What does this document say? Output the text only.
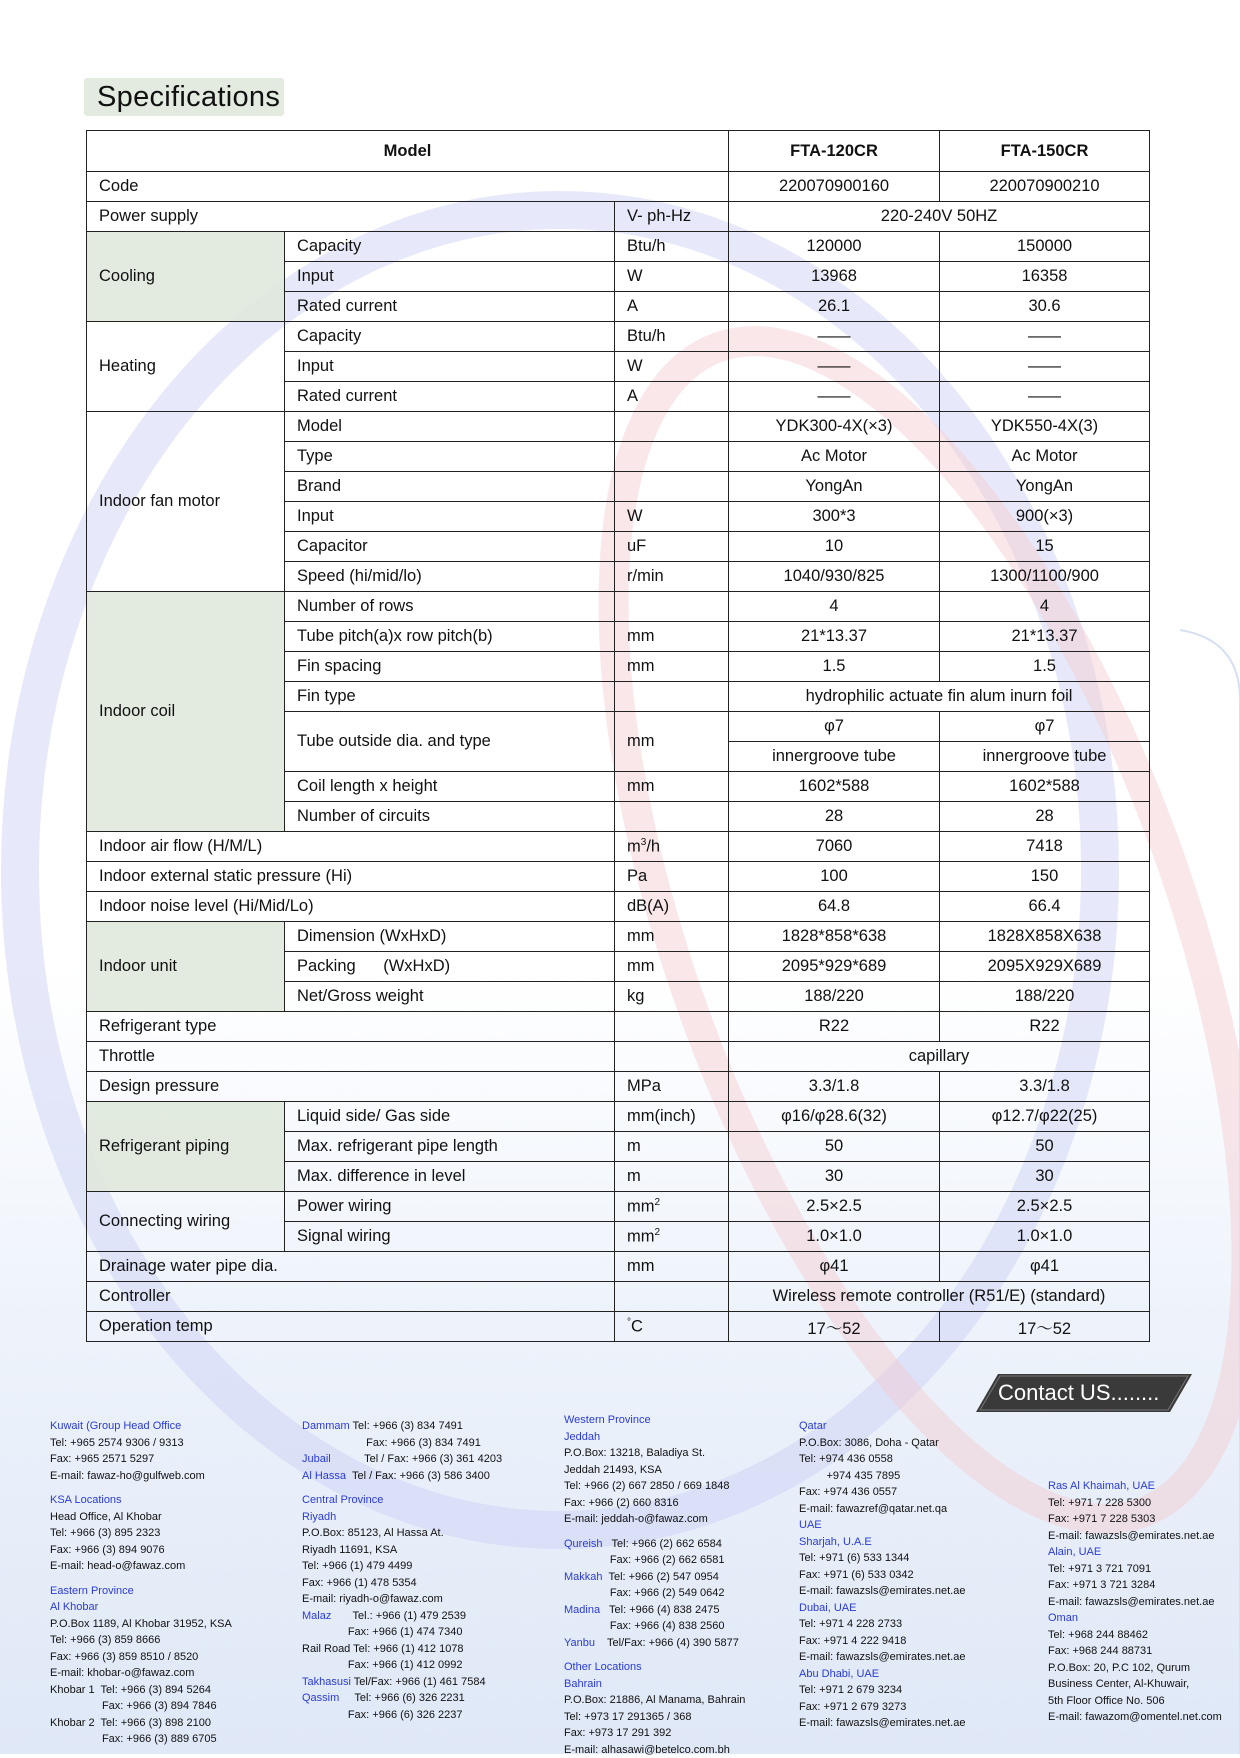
Specifications
Model			FTA-120CR	FTA-150CR
Code			220070900160	220070900210
Power supply		V- ph-Hz	220-240V 50HZ	
Cooling	Capacity	Btu/h	120000	150000
	Input	W	13968	16358
	Rated current	A	26.1	30.6
Heating	Capacity	Btu/h	——	——
	Input	W	——	——
	Rated current	A	——	——
Indoor fan motor	Model		YDK300-4X(×3)	YDK550-4X(3)
	Type		Ac Motor	Ac Motor
	Brand		YongAn	YongAn
	Input	W	300*3	900(×3)
	Capacitor	uF	10	15
	Speed (hi/mid/lo)	r/min	1040/930/825	1300/1100/900
Indoor coil	Number of rows		4	4
	Tube pitch(a)x row pitch(b)	mm	21*13.37	21*13.37
	Fin spacing	mm	1.5	1.5
	Fin type		hydrophilic actuate fin alum inurn foil	
	Tube outside dia. and type	mm	φ7	φ7
			innergroove tube	innergroove tube
	Coil length x height	mm	1602*588	1602*588
	Number of circuits		28	28
Indoor air flow (H/M/L)		$m^3/h$	7060	7418
Indoor external static pressure (Hi)		Pa	100	150
Indoor noise level (Hi/Mid/Lo)		dB(A)	64.8	66.4
Indoor unit	Dimension (WxHxD)	mm	1828*858*638	1828X858X638
	Packing      (WxHxD)	mm	2095*929*689	2095X929X689
	Net/Gross weight	kg	188/220	188/220
Refrigerant type			R22	R22
Throttle			capillary	
Design pressure		MPa	3.3/1.8	3.3/1.8
Refrigerant piping	Liquid side/ Gas side	mm(inch)	φ16/φ28.6(32)	φ12.7/φ22(25)
	Max. refrigerant pipe length	m	50	50
	Max. difference in level	m	30	30
Connecting wiring	Power wiring	$mm^2$	2.5×2.5	2.5×2.5
	Signal wiring	$mm^2$	1.0×1.0	1.0×1.0
Drainage water pipe dia.		mm	φ41	φ41
Controller			Wireless remote controller (R51/E) (standard)	
Operation temp		°C	17～52	17～52
Contact US........
Kuwait (Group Head Office
Tel: +965 2574 9306 / 9313
Fax: +965 2571 5297
E-mail: fawaz-ho@gulfweb.com
KSA Locations
Head Office, Al Khobar
Tel: +966 (3) 895 2323
Fax: +966 (3) 894 9076
E-mail: head-o@fawaz.com
Eastern Province
Al Khobar
P.O.Box 1189, Al Khobar 31952, KSA
Tel: +966 (3) 859 8666
Fax: +966 (3) 859 8510 / 8520
E-mail: khobar-o@fawaz.com
Khobar 1  Tel: +966 (3) 894 5264
Fax: +966 (3) 894 7846
Khobar 2  Tel: +966 (3) 898 2100
Fax: +966 (3) 889 6705
Dammam Tel: +966 (3) 834 7491
Fax: +966 (3) 834 7491
Jubail           Tel / Fax: +966 (3) 361 4203
Al Hassa  Tel / Fax: +966 (3) 586 3400
Central Province
Riyadh
P.O.Box: 85123, Al Hassa At.
Riyadh 11691, KSA
Tel: +966 (1) 479 4499
Fax: +966 (1) 478 5354
E-mail: riyadh-o@fawaz.com
Malaz       Tel.: +966 (1) 479 2539
Fax: +966 (1) 474 7340
Rail Road Tel: +966 (1) 412 1078
Fax: +966 (1) 412 0992
Takhasusi Tel/Fax: +966 (1) 461 7584
Qassim     Tel: +966 (6) 326 2231
Fax: +966 (6) 326 2237
Western Province
Jeddah
P.O.Box: 13218, Baladiya St.
Jeddah 21493, KSA
Tel: +966 (2) 667 2850 / 669 1848
Fax: +966 (2) 660 8316
E-mail: jeddah-o@fawaz.com
Qureish   Tel: +966 (2) 662 6584
Fax: +966 (2) 662 6581
Makkah  Tel: +966 (2) 547 0954
Fax: +966 (2) 549 0642
Madina   Tel: +966 (4) 838 2475
Fax: +966 (4) 838 2560
Yanbu    Tel/Fax: +966 (4) 390 5877
Other Locations
Bahrain
P.O.Box: 21886, Al Manama, Bahrain
Tel: +973 17 291365 / 368
Fax: +973 17 291 392
E-mail: alhasawi@betelco.com.bh
Qatar
P.O.Box: 3086, Doha - Qatar
Tel: +974 436 0558
+974 435 7895
Fax: +974 436 0557
E-mail: fawazref@qatar.net.qa
UAE
Sharjah, U.A.E
Tel: +971 (6) 533 1344
Fax: +971 (6) 533 0342
E-mail: fawazsls@emirates.net.ae
Dubai, UAE
Tel: +971 4 228 2733
Fax: +971 4 222 9418
E-mail: fawazsls@emirates.net.ae
Abu Dhabi, UAE
Tel: +971 2 679 3234
Fax: +971 2 679 3273
E-mail: fawazsls@emirates.net.ae
Ras Al Khaimah, UAE
Tel: +971 7 228 5300
Fax: +971 7 228 5303
E-mail: fawazsls@emirates.net.ae
Alain, UAE
Tel: +971 3 721 7091
Fax: +971 3 721 3284
E-mail: fawazsls@emirates.net.ae
Oman
Tel: +968 244 88462
Fax: +968 244 88731
P.O.Box: 20, P.C 102, Qurum
Business Center, Al-Khuwair,
5th Floor Office No. 506
E-mail: fawazom@omentel.net.com
